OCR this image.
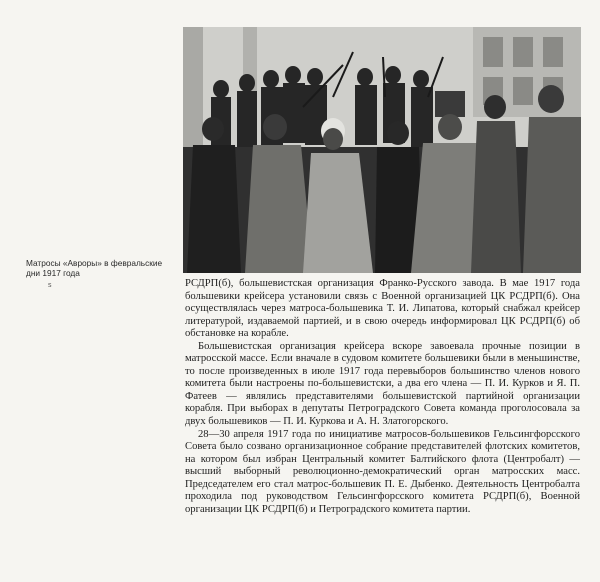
Матросы «Авроры» в февральские дни 1917 года
s	РСДРП(б), большевистская организация Франко-Русского завода. В мае 1917 года большевики крейсера установили связь с Военной организацией ЦК РСДРП(б). Она осуществлялась через матроса-большевика Т. И. Липатова, который снабжал крейсер литературой, издаваемой партией, и в свою очередь информировал ЦК РСДРП(б) об обстановке на корабле.

Большевистская организация крейсера вскоре завоевала прочные позиции в матросской массе. Если вначале в судовом комитете большевики были в меньшинстве, то после произведенных в июле 1917 года перевыборов большинство членов нового комитета были настроены по-большевистски, а два его члена — П. И. Курков и Я. П. Фатеев — являлись представителями большевистской партийной организации корабля. При выборах в депутаты Петроградского Совета команда проголосовала за двух большевиков — П. И. Куркова и А. Н. Златогорского.

28—30 апреля 1917 года по инициативе матросов-большевиков Гельсингфорсского Совета было созвано организационное собрание представителей флотских комитетов, на котором был избран Центральный комитет Балтийского флота (Центробалт) — высший выборный революционно-демократический орган матросских масс. Председателем его стал матрос-большевик П. Е. Дыбенко. Деятельность Центробалта проходила под руководством Гельсингфорсского комитета РСДРП(б), Военной организации ЦК РСДРП(б) и Петроградского комитета партии.
